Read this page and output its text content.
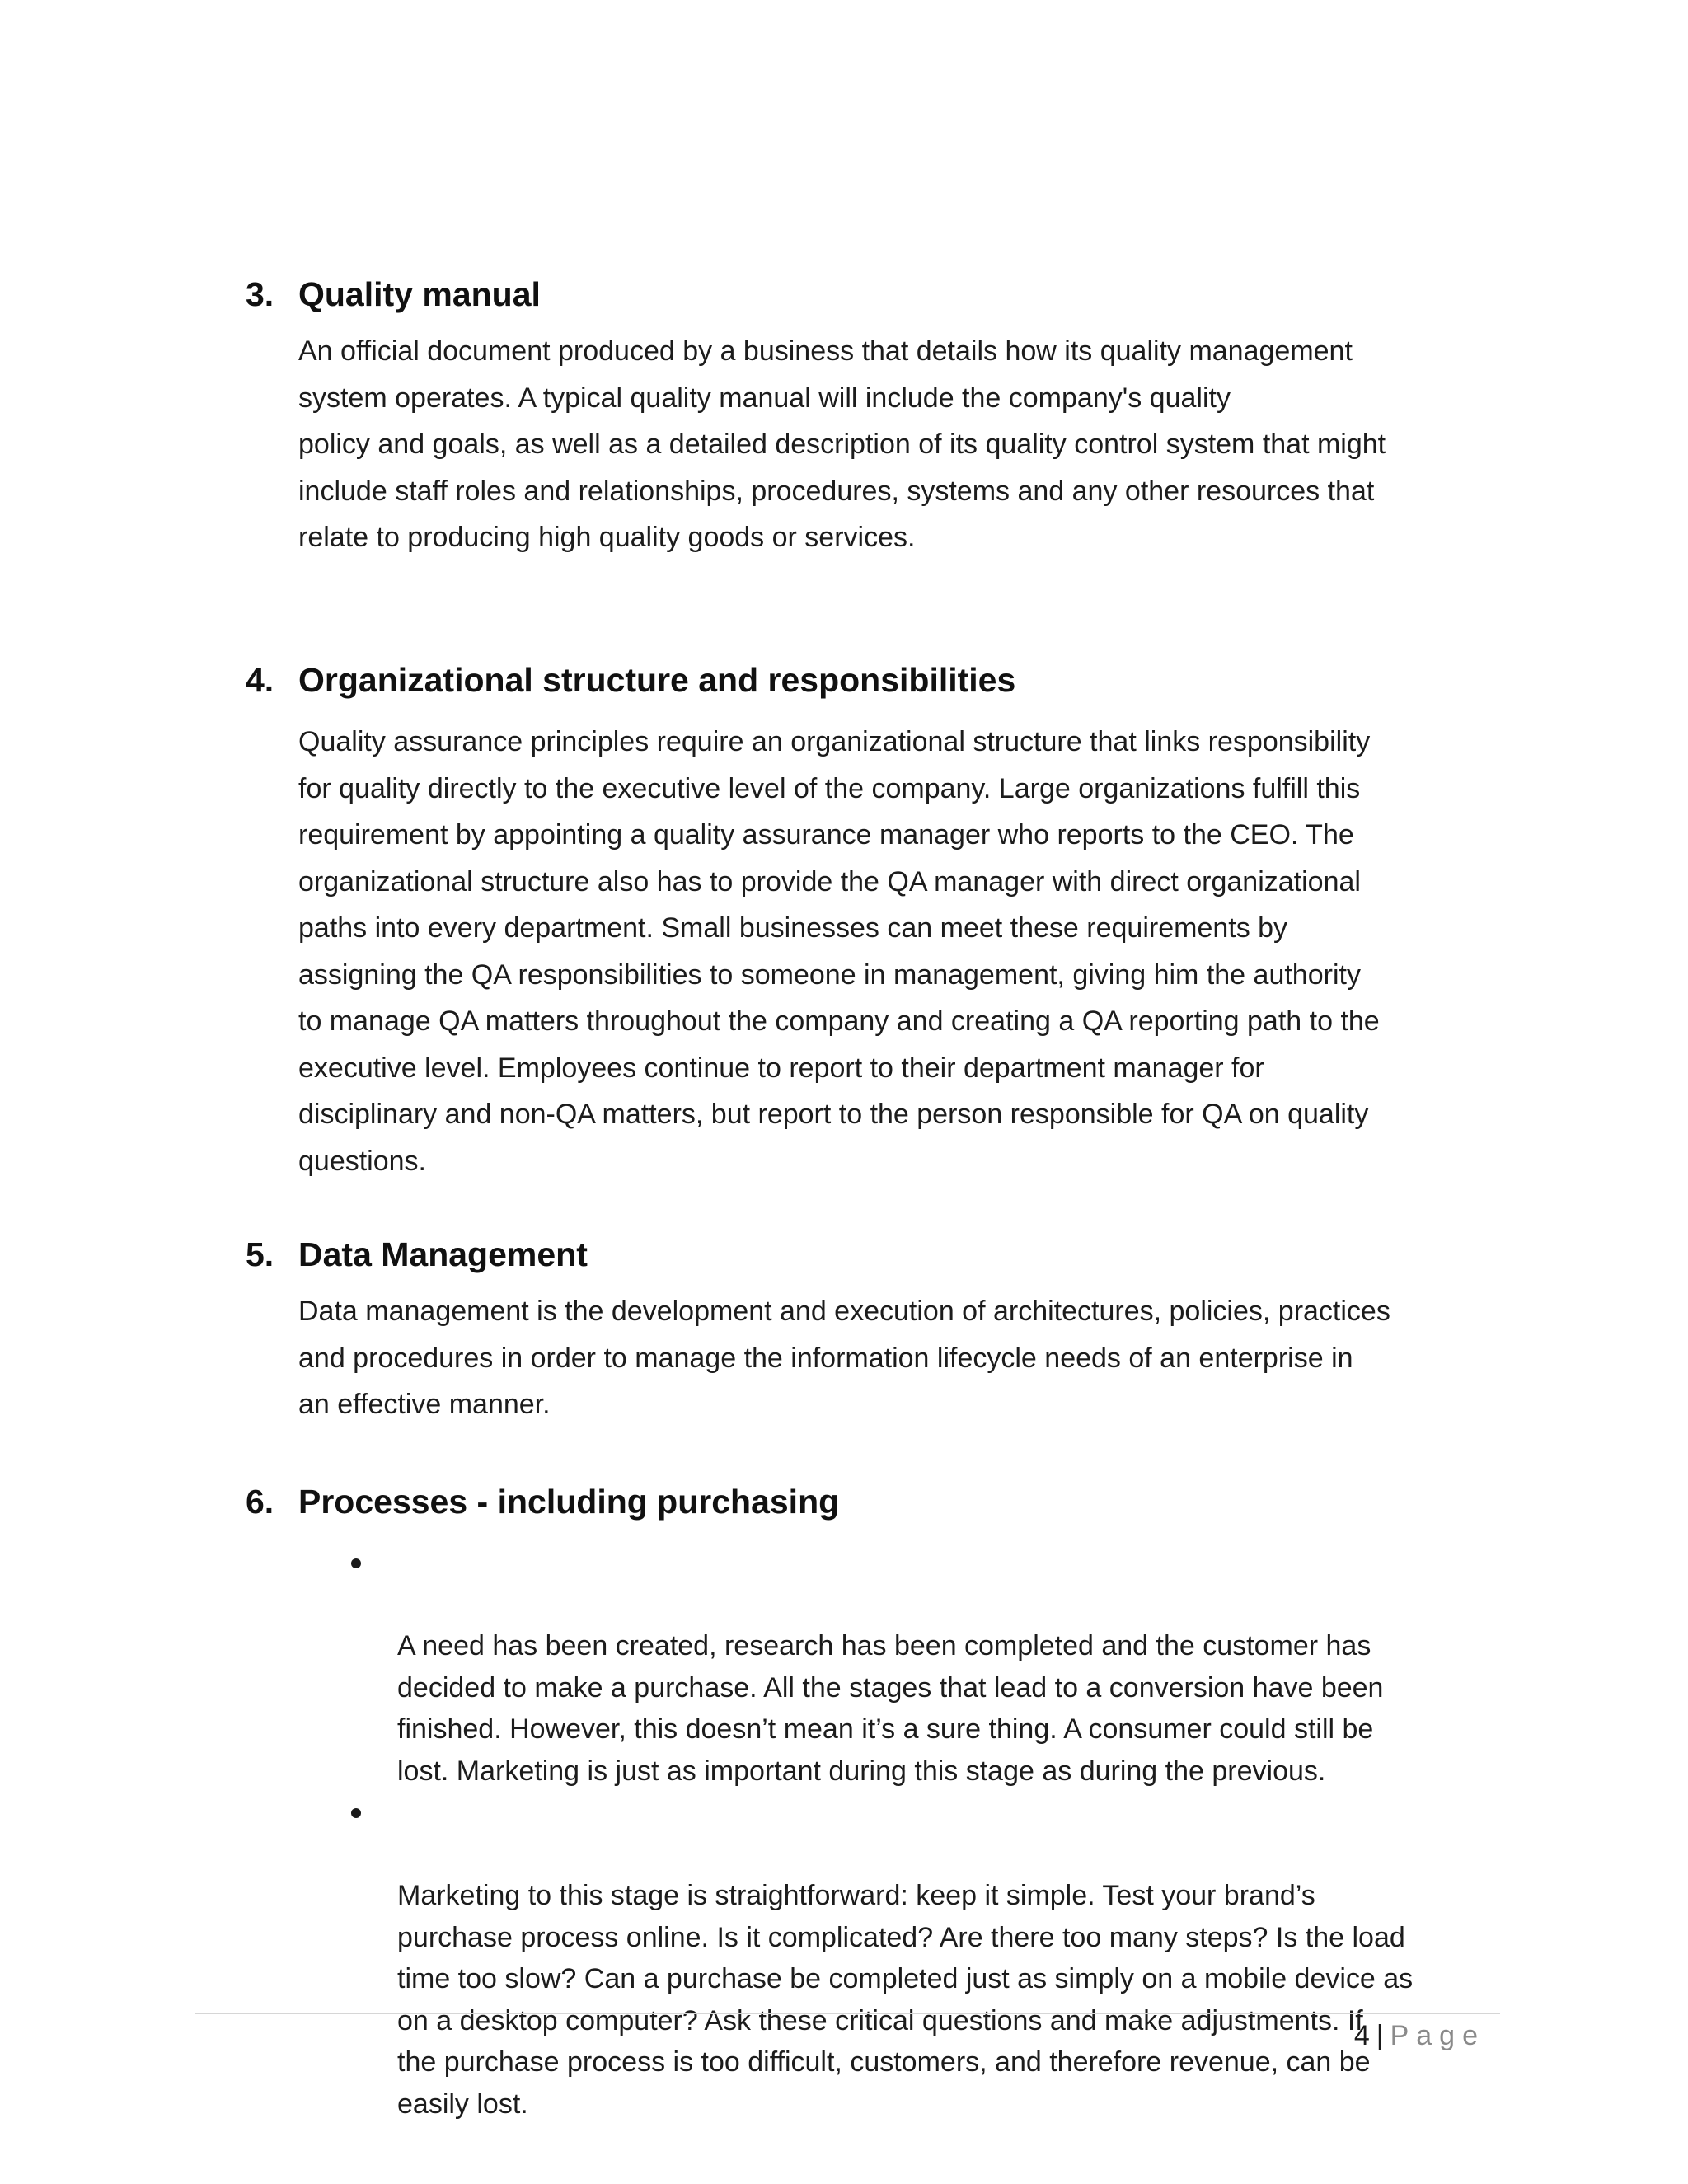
3. Quality manual
An official document produced by a business that details how its quality management
system operates. A typical quality manual will include the company's quality
policy and goals, as well as a detailed description of its quality control system that might
include staff roles and relationships, procedures, systems and any other resources that
relate to producing high quality goods or services.
4. Organizational structure and responsibilities
Quality assurance principles require an organizational structure that links responsibility
for quality directly to the executive level of the company. Large organizations fulfill this
requirement by appointing a quality assurance manager who reports to the CEO. The
organizational structure also has to provide the QA manager with direct organizational
paths into every department. Small businesses can meet these requirements by
assigning the QA responsibilities to someone in management, giving him the authority
to manage QA matters throughout the company and creating a QA reporting path to the
executive level. Employees continue to report to their department manager for
disciplinary and non-QA matters, but report to the person responsible for QA on quality
questions.
5. Data Management
Data management is the development and execution of architectures, policies, practices
and procedures in order to manage the information lifecycle needs of an enterprise in
an effective manner.
6. Processes - including purchasing

A need has been created, research has been completed and the customer has
decided to make a purchase. All the stages that lead to a conversion have been
finished. However, this doesn’t mean it’s a sure thing. A consumer could still be
lost. Marketing is just as important during this stage as during the previous.

Marketing to this stage is straightforward: keep it simple. Test your brand’s
purchase process online. Is it complicated? Are there too many steps? Is the load
time too slow? Can a purchase be completed just as simply on a mobile device as
on a desktop computer? Ask these critical questions and make adjustments. If
the purchase process is too difficult, customers, and therefore revenue, can be
easily lost.

4 | Page
